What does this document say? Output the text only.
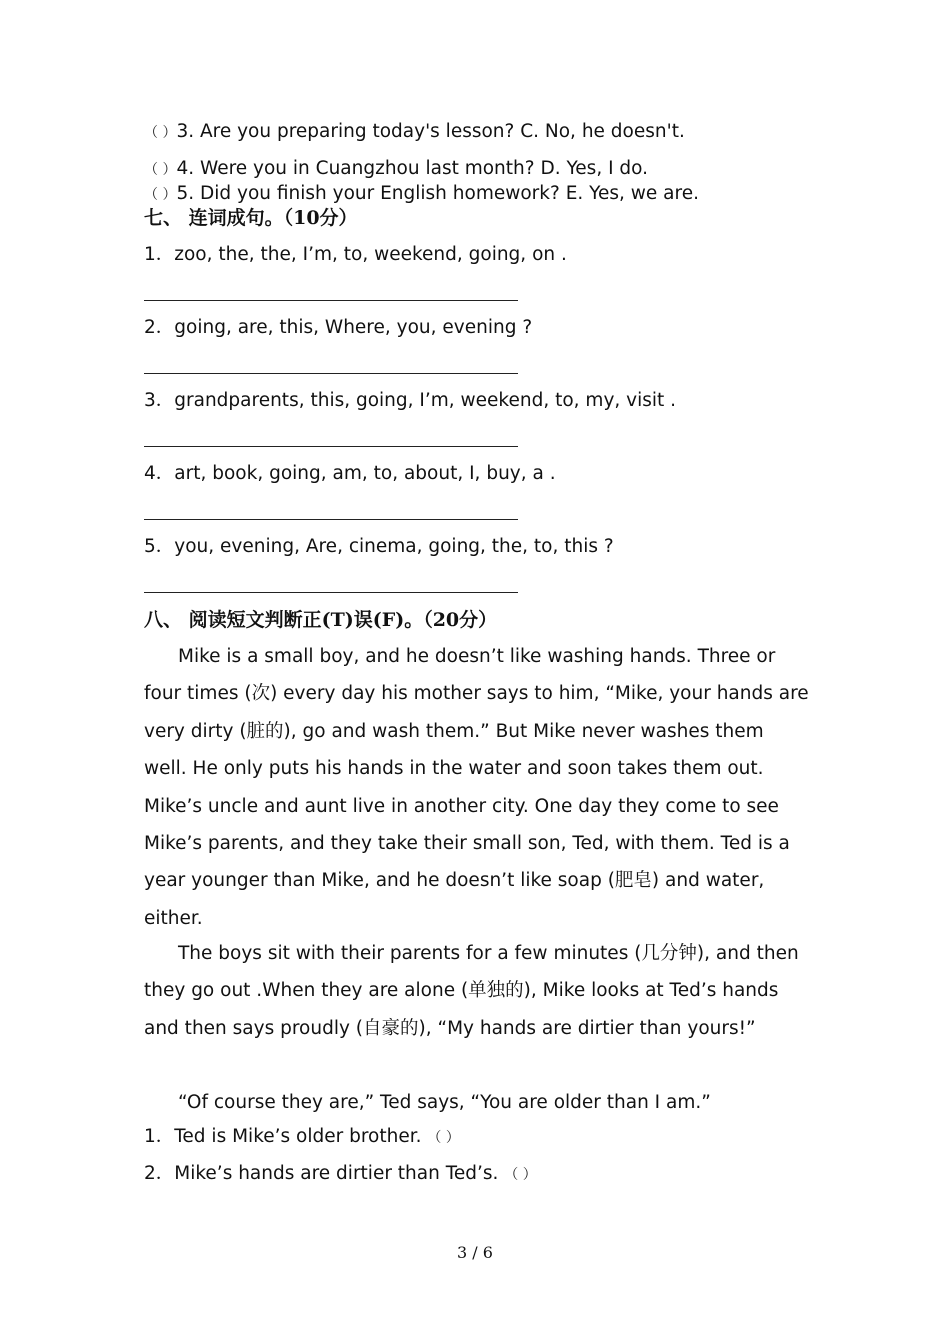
（ ）3. Are you preparing today's lesson? C. No, he doesn't.
（ ）4. Were you in Cuangzhou last month? D. Yes, I do.
（ ）5. Did you finish your English homework? E. Yes, we are.
七、 连词成句。（10分）
1．zoo, the, the, I’m, to, weekend, going, on .
2．going, are, this, Where, you, evening ?
3．grandparents, this, going, I’m, weekend, to, my, visit .
4．art, book, going, am, to, about, I, buy, a .
5．you, evening, Are, cinema, going, the, to, this ?
八、 阅读短文判断正(T)误(F)。（20分）

Mike is a small boy, and he doesn’t like washing hands. Three or four times (次) every day his mother says to him, “Mike, your hands are very dirty (脏的), go and wash them.” But Mike never washes them well. He only puts his hands in the water and soon takes them out. Mike’s uncle and aunt live in another city. One day they come to see Mike’s parents, and they take their small son, Ted, with them. Ted is a year younger than Mike, and he doesn’t like soap (肥皂) and water, either.

The boys sit with their parents for a few minutes (几分钟), and then they go out .When they are alone (单独的), Mike looks at Ted’s hands and then says proudly (自豪的), “My hands are dirtier than yours!”

“Of course they are,” Ted says, “You are older than I am.”

1．Ted is Mike’s older brother. （ ）
2．Mike’s hands are dirtier than Ted’s. （ ）
3 / 6
